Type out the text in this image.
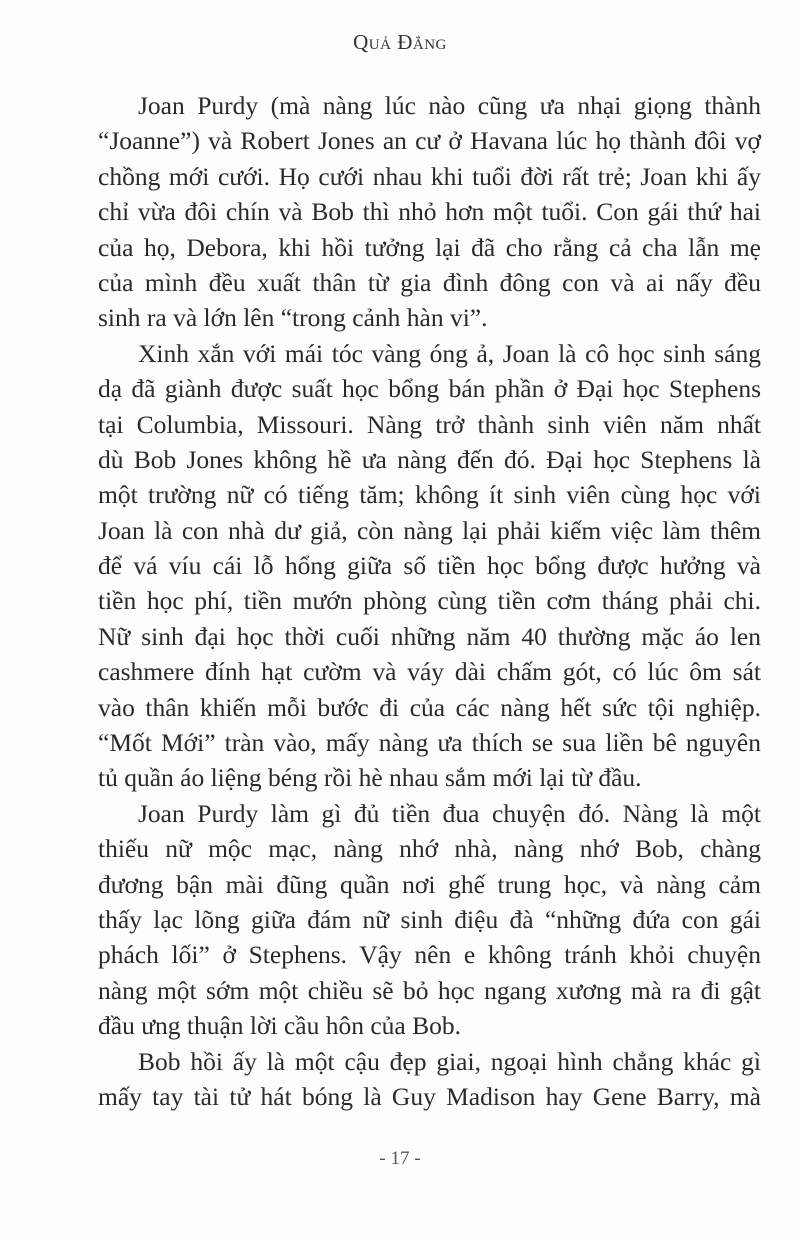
Quả Đắng
Joan Purdy (mà nàng lúc nào cũng ưa nhại giọng thành
“Joanne”) và Robert Jones an cư ở Havana lúc họ thành đôi vợ
chồng mới cưới. Họ cưới nhau khi tuổi đời rất trẻ; Joan khi ấy
chỉ vừa đôi chín và Bob thì nhỏ hơn một tuổi. Con gái thứ hai
của họ, Debora, khi hồi tưởng lại đã cho rằng cả cha lẫn mẹ
của mình đều xuất thân từ gia đình đông con và ai nấy đều
sinh ra và lớn lên “trong cảnh hàn vi”.
Xinh xắn với mái tóc vàng óng ả, Joan là cô học sinh sáng
dạ đã giành được suất học bổng bán phần ở Đại học Stephens
tại Columbia, Missouri. Nàng trở thành sinh viên năm nhất
dù Bob Jones không hề ưa nàng đến đó. Đại học Stephens là
một trường nữ có tiếng tăm; không ít sinh viên cùng học với
Joan là con nhà dư giả, còn nàng lại phải kiếm việc làm thêm
để vá víu cái lỗ hổng giữa số tiền học bổng được hưởng và
tiền học phí, tiền mướn phòng cùng tiền cơm tháng phải chi.
Nữ sinh đại học thời cuối những năm 40 thường mặc áo len
cashmere đính hạt cườm và váy dài chấm gót, có lúc ôm sát
vào thân khiến mỗi bước đi của các nàng hết sức tội nghiệp.
“Mốt Mới” tràn vào, mấy nàng ưa thích se sua liền bê nguyên
tủ quần áo liệng béng rồi hè nhau sắm mới lại từ đầu.
Joan Purdy làm gì đủ tiền đua chuyện đó. Nàng là một
thiếu nữ mộc mạc, nàng nhớ nhà, nàng nhớ Bob, chàng
đương bận mài đũng quần nơi ghế trung học, và nàng cảm
thấy lạc lõng giữa đám nữ sinh điệu đà “những đứa con gái
phách lối” ở Stephens. Vậy nên e không tránh khỏi chuyện
nàng một sớm một chiều sẽ bỏ học ngang xương mà ra đi gật
đầu ưng thuận lời cầu hôn của Bob.
Bob hồi ấy là một cậu đẹp giai, ngoại hình chẳng khác gì
mấy tay tài tử hát bóng là Guy Madison hay Gene Barry, mà
- 17 -
